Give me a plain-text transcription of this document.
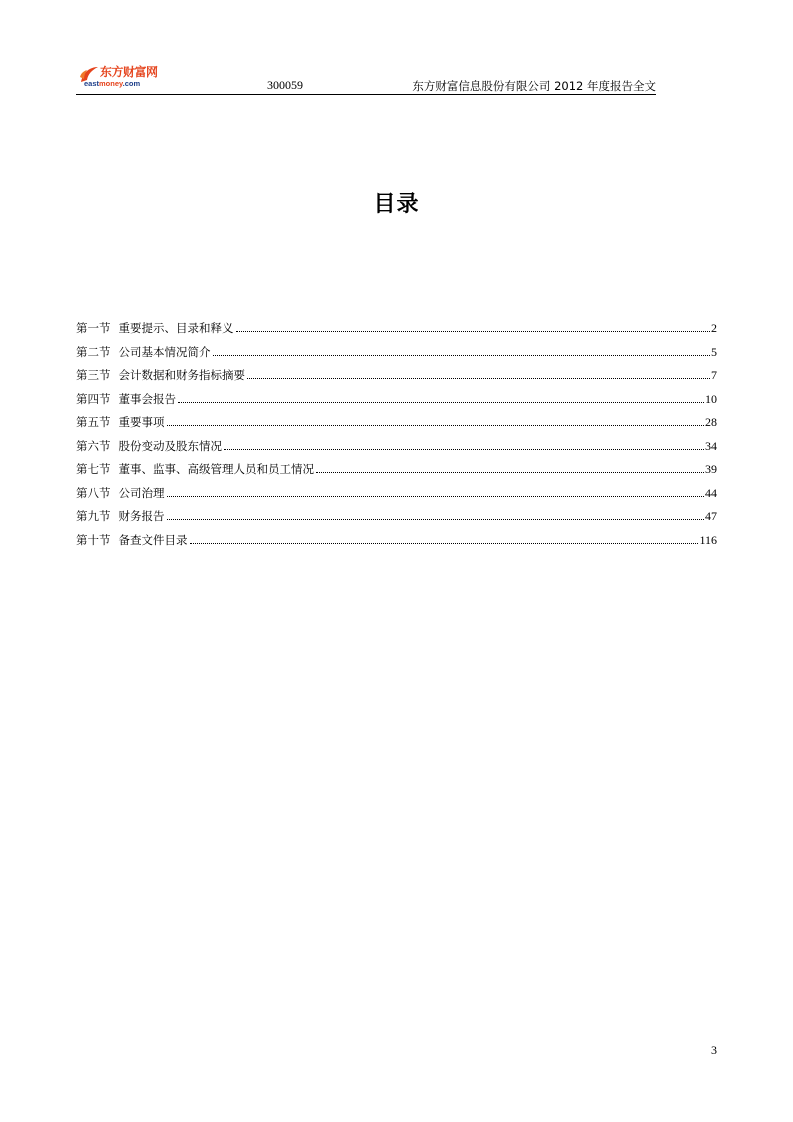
东方财富网
eastmoney.com	300059	东方财富信息股份有限公司 2012 年度报告全文
目录
第一节 重要提示、目录和释义	2
第二节 公司基本情况简介	5
第三节 会计数据和财务指标摘要	7
第四节 董事会报告	10
第五节 重要事项	28
第六节 股份变动及股东情况	34
第七节 董事、监事、高级管理人员和员工情况	39
第八节 公司治理	44
第九节 财务报告	47
第十节 备查文件目录	116
3
